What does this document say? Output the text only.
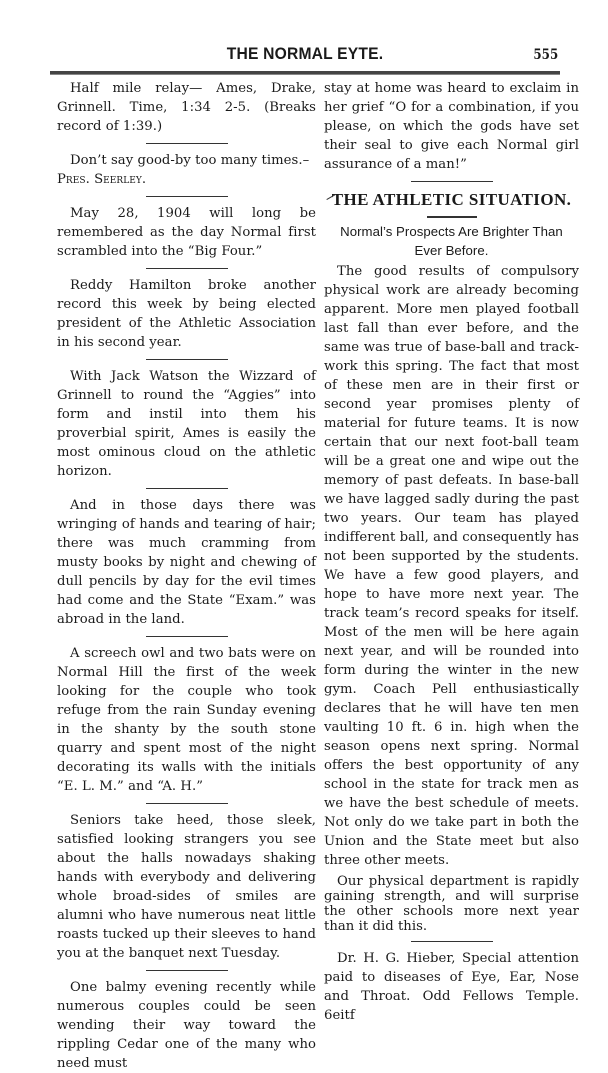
THE NORMAL EYTE.	555

Half mile relay— Ames, Drake, Grinnell. Time, 1:34 2-5. (Breaks record of 1:39.)

Don’t say good-by too many times.–

Pres. Seerley.

May 28, 1904 will long be remembered as the day Normal first scrambled into the “Big Four.”

Reddy Hamilton broke another record this week by being elected president of the Athletic Association in his second year.

With Jack Watson the Wizzard of Grinnell to round the “Aggies” into form and instil into them his proverbial spirit, Ames is easily the most ominous cloud on the athletic horizon.

And in those days there was wringing of hands and tearing of hair; there was much cramming from musty books by night and chewing of dull pencils by day for the evil times had come and the State “Exam.” was abroad in the land.

A screech owl and two bats were on Normal Hill the first of the week looking for the couple who took refuge from the rain Sunday evening in the shanty by the south stone quarry and spent most of the night decorating its walls with the initials “E. L. M.” and “A. H.”

Seniors take heed, those sleek, satisfied looking strangers you see about the halls nowadays shaking hands with everybody and delivering whole broad-sides of smiles are alumni who have numerous neat little roasts tucked up their sleeves to hand you at the banquet next Tuesday.

One balmy evening recently while numerous couples could be seen wending their way toward the rippling Cedar one of the many who need must

stay at home was heard to exclaim in her grief “O for a combination, if you please, on which the gods have set their seal to give each Normal girl assurance of a man!”

THE ATHLETIC SITUATION.
Normal’s Prospects Are Brighter Than
Ever Before.

The good results of compulsory physical work are already becoming apparent. More men played football last fall than ever before, and the same was true of base-ball and track-work this spring. The fact that most of these men are in their first or second year promises plenty of material for future teams. It is now certain that our next foot-ball team will be a great one and wipe out the memory of past defeats. In base-ball we have lagged sadly during the past two years. Our team has played indifferent ball, and consequently has not been supported by the students. We have a few good players, and hope to have more next year. The track team’s record speaks for itself. Most of the men will be here again next year, and will be rounded into form during the winter in the new gym. Coach Pell enthusiastically declares that he will have ten men vaulting 10 ft. 6 in. high when the season opens next spring. Normal offers the best opportunity of any school in the state for track men as we have the best schedule of meets. Not only do we take part in both the Union and the State meet but also three other meets.

Our physical department is rapidly gaining strength, and will surprise the other schools more next year than it did this.

Dr. H. G. Hieber, Special attention paid to diseases of Eye, Ear, Nose and Throat. Odd Fellows Temple. 6eitf
